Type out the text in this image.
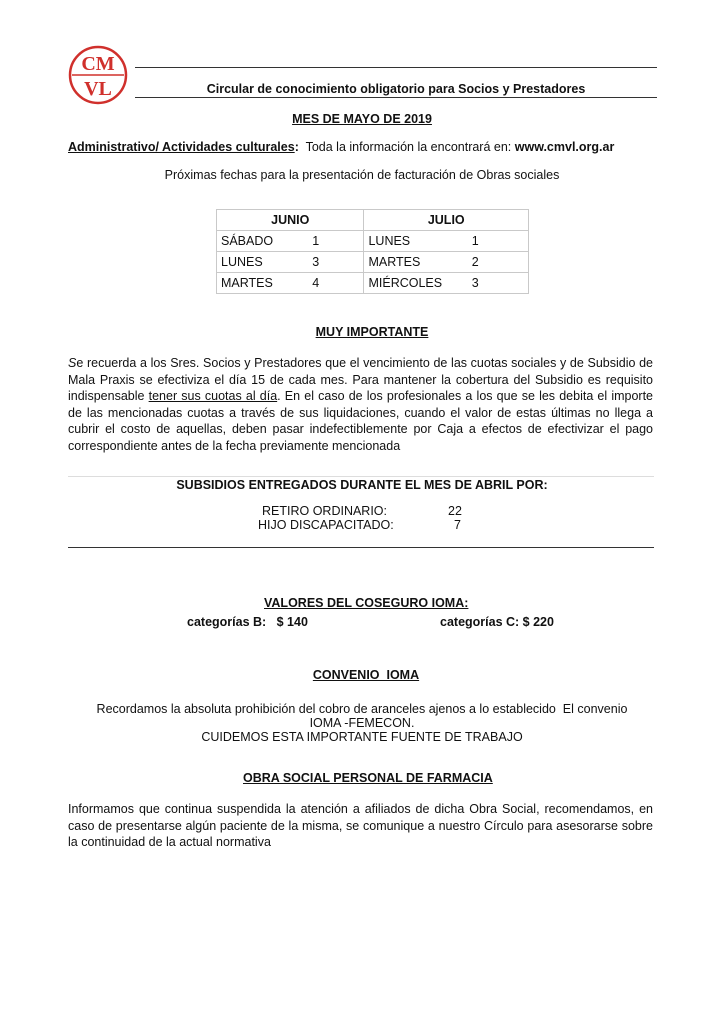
CM
VL	Circular de conocimiento obligatorio para Socios y Prestadores
MES DE MAYO DE 2019
Administrativo/ Actividades culturales: Toda la información la encontrará en: www.cmvl.org.ar
Próximas fechas para la presentación de facturación de Obras sociales
JUNIO		JULIO	
SÁBADO	1	LUNES	1
LUNES	3	MARTES	2
MARTES	4	MIÉRCOLES	3
MUY IMPORTANTE
Se recuerda a los Sres. Socios y Prestadores que el vencimiento de las cuotas sociales y de Subsidio de Mala Praxis se efectiviza el día 15 de cada mes. Para mantener la cobertura del Subsidio es requisito indispensable tener sus cuotas al día. En el caso de los profesionales a los que se les debita el importe de las mencionadas cuotas a través de sus liquidaciones, cuando el valor de estas últimas no llega a cubrir el costo de aquellas, deben pasar indefectiblemente por Caja a efectos de efectivizar el pago correspondiente antes de la fecha previamente mencionada
SUBSIDIOS ENTREGADOS DURANTE EL MES DE ABRIL POR:
RETIRO ORDINARIO:	22
HIJO DISCAPACITADO:	7
VALORES DEL COSEGURO IOMA:
categorías B:   $ 140	categorías C: $ 220
CONVENIO  IOMA
Recordamos la absoluta prohibición del cobro de aranceles ajenos a lo establecido  El convenio
IOMA -FEMECON.
CUIDEMOS ESTA IMPORTANTE FUENTE DE TRABAJO
OBRA SOCIAL PERSONAL DE FARMACIA
Informamos que continua suspendida la atención a afiliados de dicha Obra Social, recomendamos, en caso de presentarse algún paciente de la misma, se comunique a nuestro Círculo para asesorarse sobre la continuidad de la actual normativa
